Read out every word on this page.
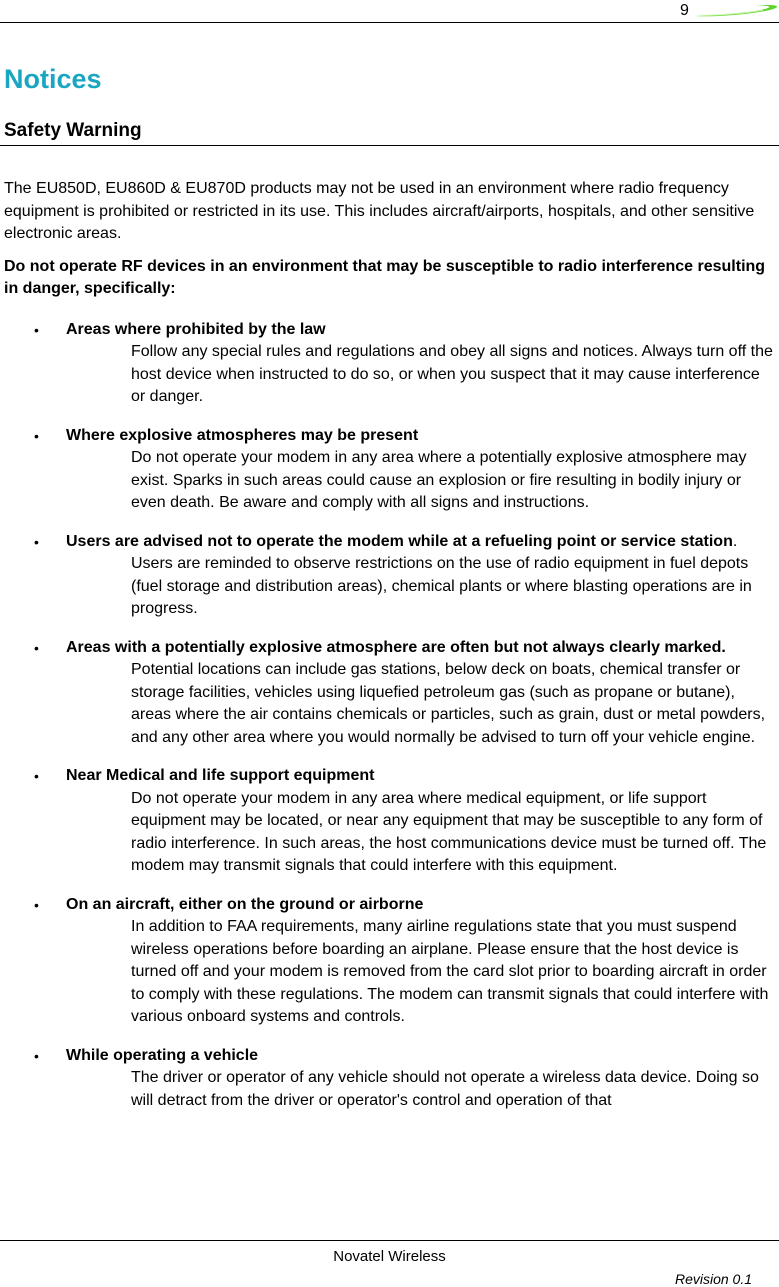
9
Notices
Safety Warning

The EU850D, EU860D & EU870D products may not be used in an environment where radio frequency equipment is prohibited or restricted in its use. This includes aircraft/airports, hospitals, and other sensitive electronic areas.

Do not operate RF devices in an environment that may be susceptible to radio interference resulting in danger, specifically:
• Areas where prohibited by the law
Follow any special rules and regulations and obey all signs and notices. Always turn off the host device when instructed to do so, or when you suspect that it may cause interference or danger.
• Where explosive atmospheres may be present
Do not operate your modem in any area where a potentially explosive atmosphere may exist. Sparks in such areas could cause an explosion or fire resulting in bodily injury or even death. Be aware and comply with all signs and instructions.
• Users are advised not to operate the modem while at a refueling point or service station.
Users are reminded to observe restrictions on the use of radio equipment in fuel depots (fuel storage and distribution areas), chemical plants or where blasting operations are in progress.
• Areas with a potentially explosive atmosphere are often but not always clearly marked.
Potential locations can include gas stations, below deck on boats, chemical transfer or storage facilities, vehicles using liquefied petroleum gas (such as propane or butane), areas where the air contains chemicals or particles, such as grain, dust or metal powders, and any other area where you would normally be advised to turn off your vehicle engine.
• Near Medical and life support equipment
Do not operate your modem in any area where medical equipment, or life support equipment may be located, or near any equipment that may be susceptible to any form of radio interference. In such areas, the host communications device must be turned off. The modem may transmit signals that could interfere with this equipment.
• On an aircraft, either on the ground or airborne
In addition to FAA requirements, many airline regulations state that you must suspend wireless operations before boarding an airplane. Please ensure that the host device is turned off and your modem is removed from the card slot prior to boarding aircraft in order to comply with these regulations. The modem can transmit signals that could interfere with various onboard systems and controls.
• While operating a vehicle
The driver or operator of any vehicle should not operate a wireless data device. Doing so will detract from the driver or operator's control and operation of that
Novatel Wireless
Revision 0.1
